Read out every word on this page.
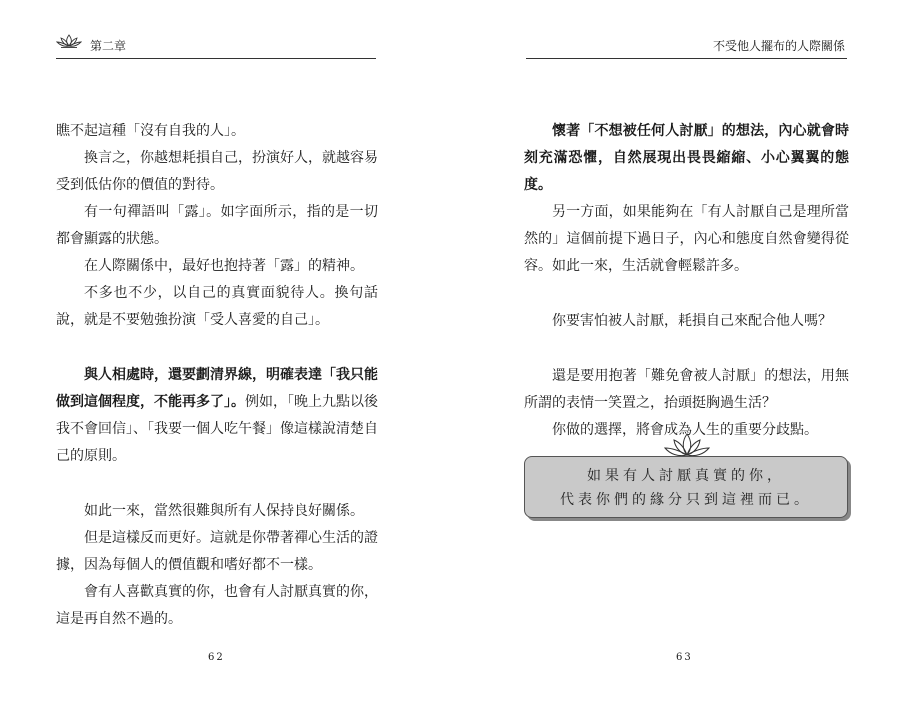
第二章

瞧不起這種「沒有自我的人」。

換言之，你越想耗損自己，扮演好人，就越容易受到低估你的價值的對待。

有一句禪語叫「露」。如字面所示，指的是一切都會顯露的狀態。

在人際關係中，最好也抱持著「露」的精神。

不多也不少，以自己的真實面貌待人。換句話說，就是不要勉強扮演「受人喜愛的自己」。

與人相處時，還要劃清界線，明確表達「我只能做到這個程度，不能再多了」。例如，「晚上九點以後我不會回信」、「我要一個人吃午餐」像這樣說清楚自己的原則。

如此一來，當然很難與所有人保持良好關係。

但是這樣反而更好。這就是你帶著禪心生活的證據，因為每個人的價值觀和嗜好都不一樣。

會有人喜歡真實的你，也會有人討厭真實的你，這是再自然不過的。

62
不受他人擺布的人際關係

懷著「不想被任何人討厭」的想法，內心就會時刻充滿恐懼，自然展現出畏畏縮縮、小心翼翼的態度。

另一方面，如果能夠在「有人討厭自己是理所當然的」這個前提下過日子，內心和態度自然會變得從容。如此一來，生活就會輕鬆許多。

你要害怕被人討厭，耗損自己來配合他人嗎？

還是要用抱著「難免會被人討厭」的想法，用無所謂的表情一笑置之，抬頭挺胸過生活？

你做的選擇，將會成為人生的重要分歧點。

如果有人討厭真實的你，
代表你們的緣分只到這裡而已。
63
